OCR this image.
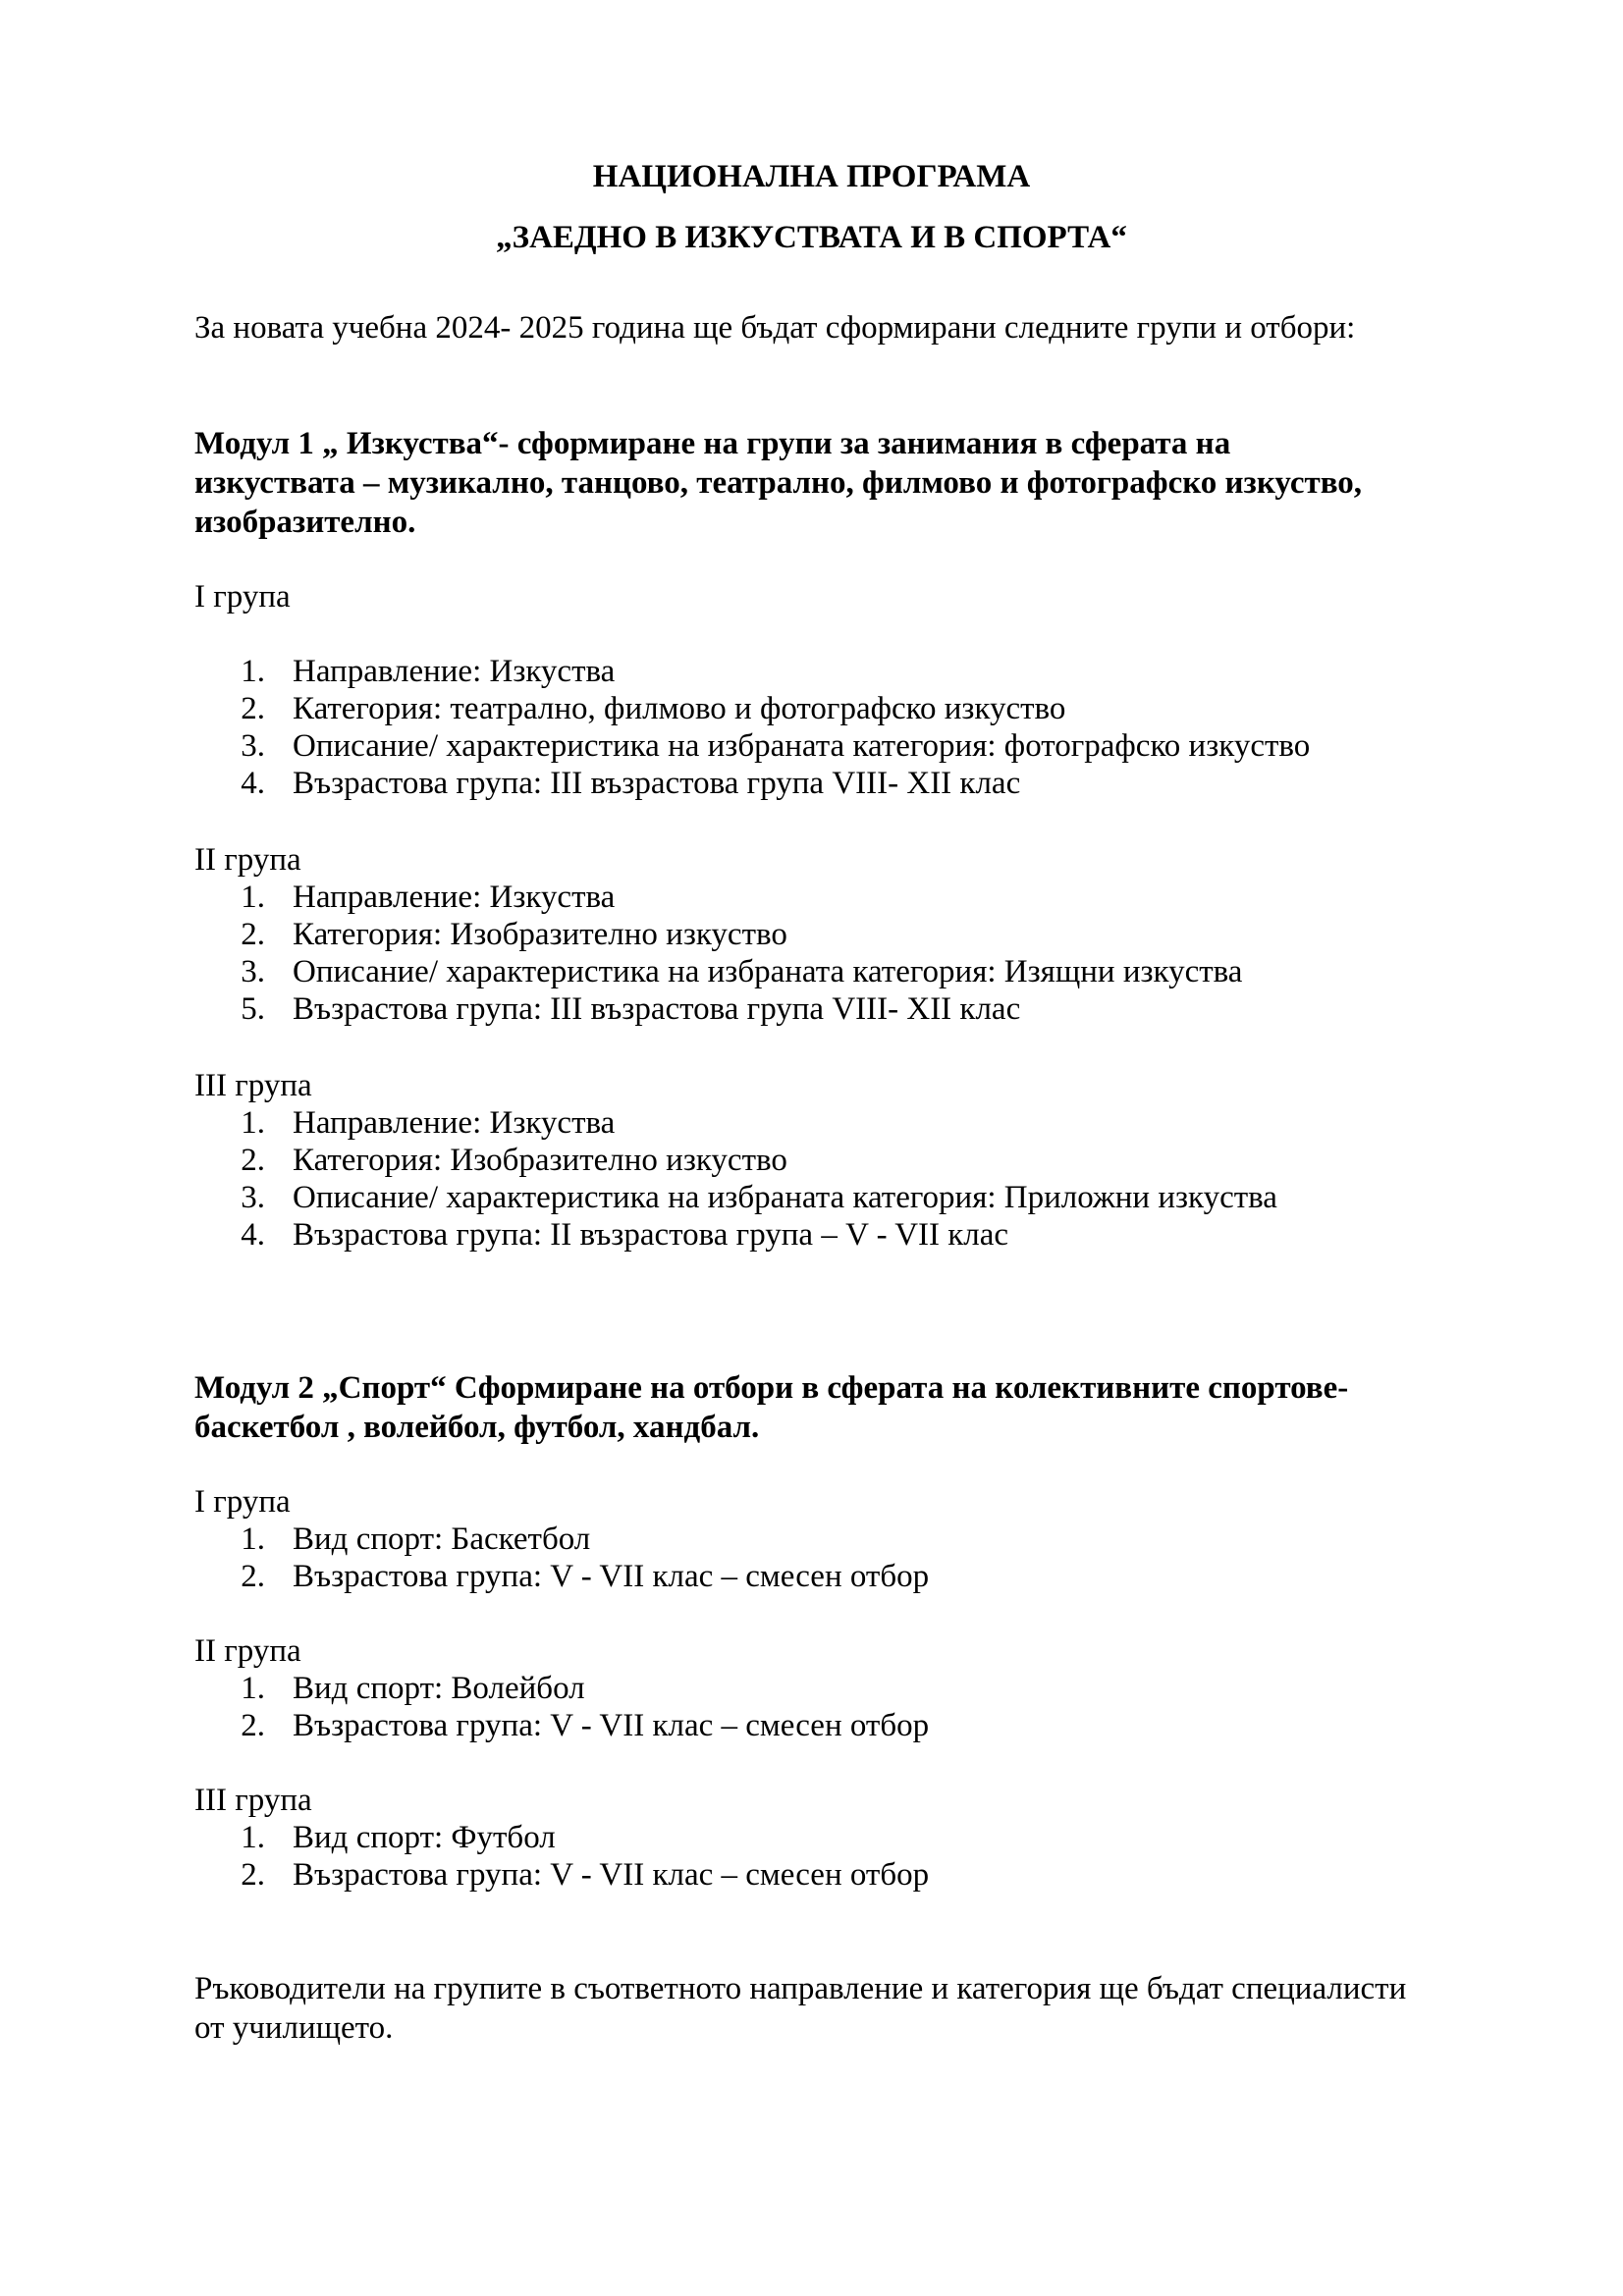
НАЦИОНАЛНА ПРОГРАМА
„ЗАЕДНО В ИЗКУСТВАТА И В СПОРТА“
За новата учебна 2024- 2025 година ще бъдат сформирани следните групи и отбори:
Модул 1 „ Изкуства“- сформиране на групи за занимания в сферата на
изкуствата – музикално, танцово, театрално, филмово и фотографско изкуство,
изобразително.
I група
1. Направление: Изкуства
2. Категория: театрално, филмово и фотографско изкуство
3. Описание/ характеристика на избраната категория: фотографско изкуство
4. Възрастова група: III възрастова група VIII- XII клас
II група
1. Направление: Изкуства
2. Категория: Изобразително изкуство
3. Описание/ характеристика на избраната категория: Изящни изкуства
5. Възрастова група: III възрастова група VIII- XII клас
III група
1. Направление: Изкуства
2. Категория: Изобразително изкуство
3. Описание/ характеристика на избраната категория: Приложни изкуства
4. Възрастова група: II възрастова група – V - VII клас
Модул 2 „Спорт“ Сформиране на отбори в сферата на колективните спортове-
баскетбол , волейбол, футбол, хандбал.
I група
1. Вид спорт: Баскетбол
2. Възрастова група: V - VII клас – смесен отбор
II група
1. Вид спорт: Волейбол
2. Възрастова група: V - VII клас – смесен отбор
III група
1. Вид спорт: Футбол
2. Възрастова група: V - VII клас – смесен отбор
Ръководители на групите в съответното направление и категория ще бъдат специалисти
от училището.
